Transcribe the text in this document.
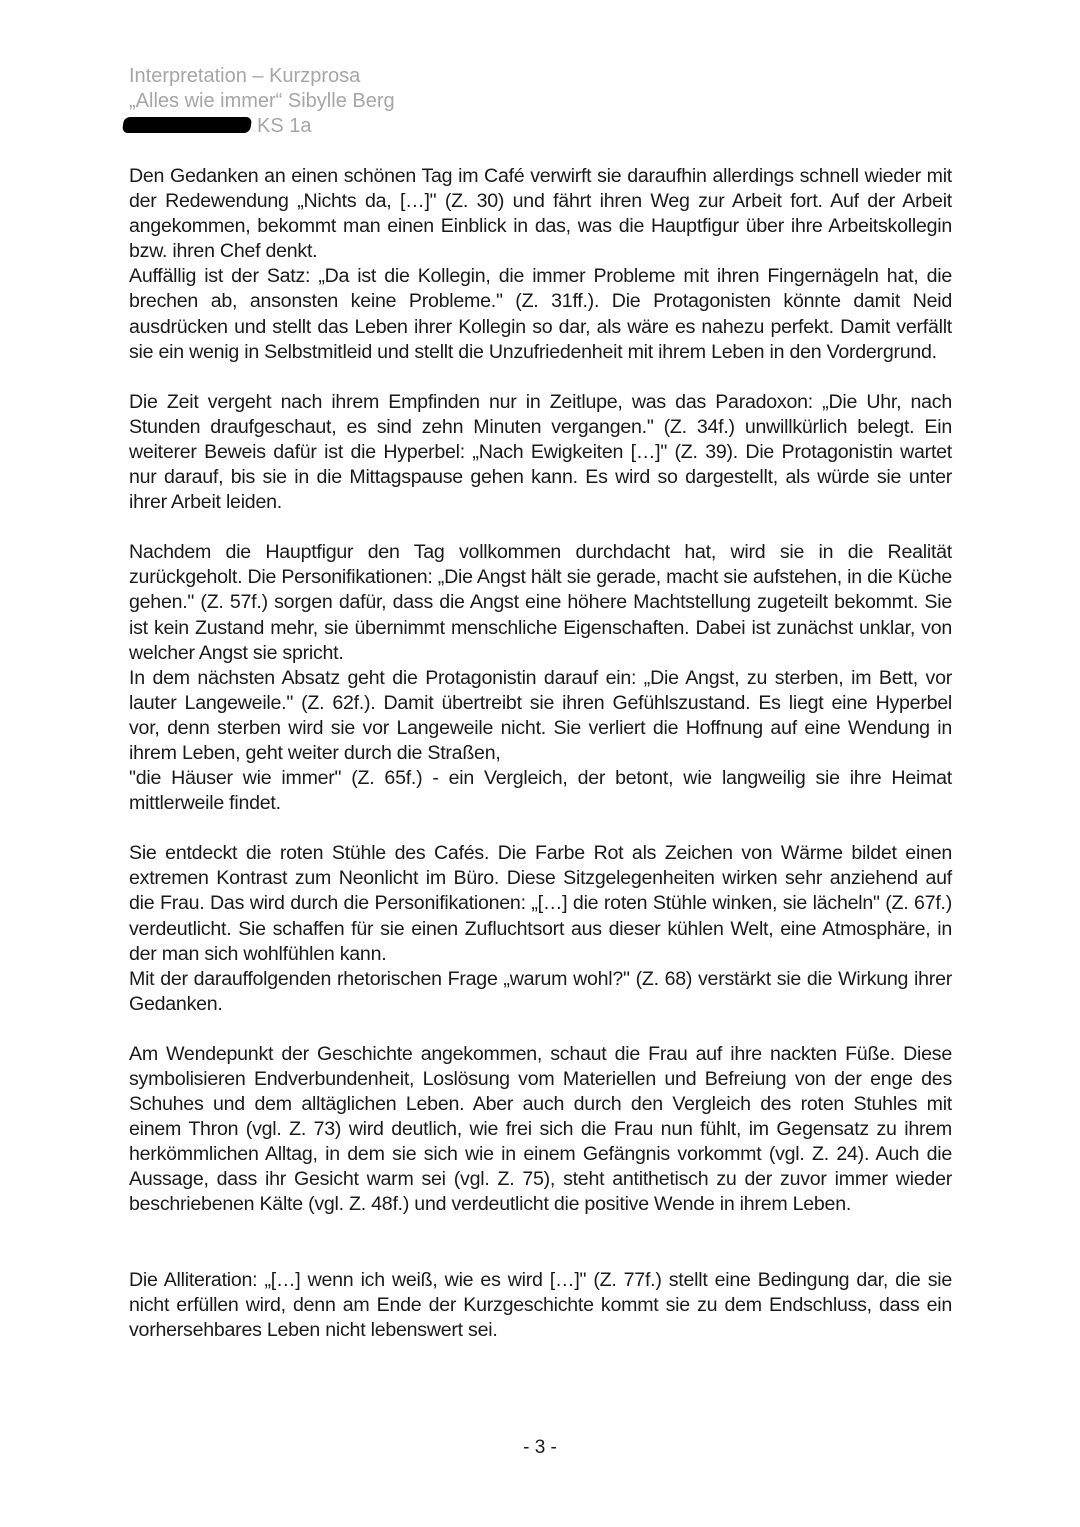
Interpretation – Kurzprosa
„Alles wie immer“ Sibylle Berg
KS 1a

Den Gedanken an einen schönen Tag im Café verwirft sie daraufhin allerdings schnell wieder mit der Redewendung „Nichts da, […]" (Z. 30) und fährt ihren Weg zur Arbeit fort. Auf der Arbeit angekommen, bekommt man einen Einblick in das, was die Hauptfigur über ihre Arbeitskollegin bzw. ihren Chef denkt.

Auffällig ist der Satz: „Da ist die Kollegin, die immer Probleme mit ihren Fingernägeln hat, die brechen ab, ansonsten keine Probleme." (Z. 31ff.). Die Protagonisten könnte damit Neid ausdrücken und stellt das Leben ihrer Kollegin so dar, als wäre es nahezu perfekt. Damit verfällt sie ein wenig in Selbstmitleid und stellt die Unzufriedenheit mit ihrem Leben in den Vordergrund.

Die Zeit vergeht nach ihrem Empfinden nur in Zeitlupe, was das Paradoxon: „Die Uhr, nach Stunden draufgeschaut, es sind zehn Minuten vergangen." (Z. 34f.) unwillkürlich belegt. Ein weiterer Beweis dafür ist die Hyperbel: „Nach Ewigkeiten […]" (Z. 39). Die Protagonistin wartet nur darauf, bis sie in die Mittagspause gehen kann. Es wird so dargestellt, als würde sie unter ihrer Arbeit leiden.

Nachdem die Hauptfigur den Tag vollkommen durchdacht hat, wird sie in die Realität zurückgeholt. Die Personifikationen: „Die Angst hält sie gerade, macht sie aufstehen, in die Küche gehen." (Z. 57f.) sorgen dafür, dass die Angst eine höhere Machtstellung zugeteilt bekommt. Sie ist kein Zustand mehr, sie übernimmt menschliche Eigenschaften. Dabei ist zunächst unklar, von welcher Angst sie spricht.

In dem nächsten Absatz geht die Protagonistin darauf ein: „Die Angst, zu sterben, im Bett, vor lauter Langeweile." (Z. 62f.). Damit übertreibt sie ihren Gefühlszustand. Es liegt eine Hyperbel vor, denn sterben wird sie vor Langeweile nicht. Sie verliert die Hoffnung auf eine Wendung in ihrem Leben, geht weiter durch die Straßen,

"die Häuser wie immer" (Z. 65f.) - ein Vergleich, der betont, wie langweilig sie ihre Heimat mittlerweile findet.

Sie entdeckt die roten Stühle des Cafés. Die Farbe Rot als Zeichen von Wärme bildet einen extremen Kontrast zum Neonlicht im Büro. Diese Sitzgelegenheiten wirken sehr anziehend auf die Frau. Das wird durch die Personifikationen: „[…] die roten Stühle winken, sie lächeln" (Z. 67f.) verdeutlicht. Sie schaffen für sie einen Zufluchtsort aus dieser kühlen Welt, eine Atmosphäre, in der man sich wohlfühlen kann.

Mit der darauffolgenden rhetorischen Frage „warum wohl?" (Z. 68) verstärkt sie die Wirkung ihrer Gedanken.

Am Wendepunkt der Geschichte angekommen, schaut die Frau auf ihre nackten Füße. Diese symbolisieren Endverbundenheit, Loslösung vom Materiellen und Befreiung von der enge des Schuhes und dem alltäglichen Leben. Aber auch durch den Vergleich des roten Stuhles mit einem Thron (vgl. Z. 73) wird deutlich, wie frei sich die Frau nun fühlt, im Gegensatz zu ihrem herkömmlichen Alltag, in dem sie sich wie in einem Gefängnis vorkommt (vgl. Z. 24). Auch die Aussage, dass ihr Gesicht warm sei (vgl. Z. 75), steht antithetisch zu der zuvor immer wieder beschriebenen Kälte (vgl. Z. 48f.) und verdeutlicht die positive Wende in ihrem Leben.

Die Alliteration: „[…] wenn ich weiß, wie es wird […]" (Z. 77f.) stellt eine Bedingung dar, die sie nicht erfüllen wird, denn am Ende der Kurzgeschichte kommt sie zu dem Endschluss, dass ein vorhersehbares Leben nicht lebenswert sei.

- 3 -
